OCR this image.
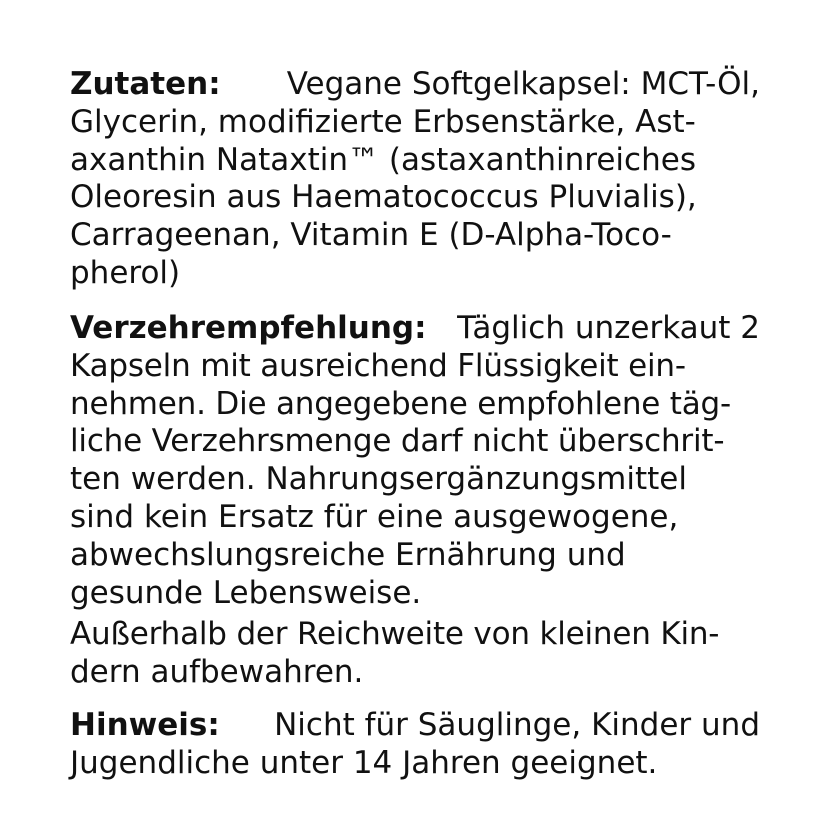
Zutaten: Vegane Softgelkapsel: MCT-Öl,
Glycerin, modifizierte Erbsenstärke, Ast-
axanthin Nataxtin™ (astaxanthinreiches
Oleoresin aus Haematococcus Pluvialis),
Carrageenan, Vitamin E (D-Alpha-Toco-
pherol)
Verzehrempfehlung: Täglich unzerkaut 2
Kapseln mit ausreichend Flüssigkeit ein-
nehmen. Die angegebene empfohlene täg-
liche Verzehrsmenge darf nicht überschrit-
ten werden. Nahrungsergänzungsmittel
sind kein Ersatz für eine ausgewogene,
abwechslungsreiche Ernährung und
gesunde Lebensweise.
Außerhalb der Reichweite von kleinen Kin-
dern aufbewahren.
Hinweis: Nicht für Säuglinge, Kinder und
Jugendliche unter 14 Jahren geeignet.
